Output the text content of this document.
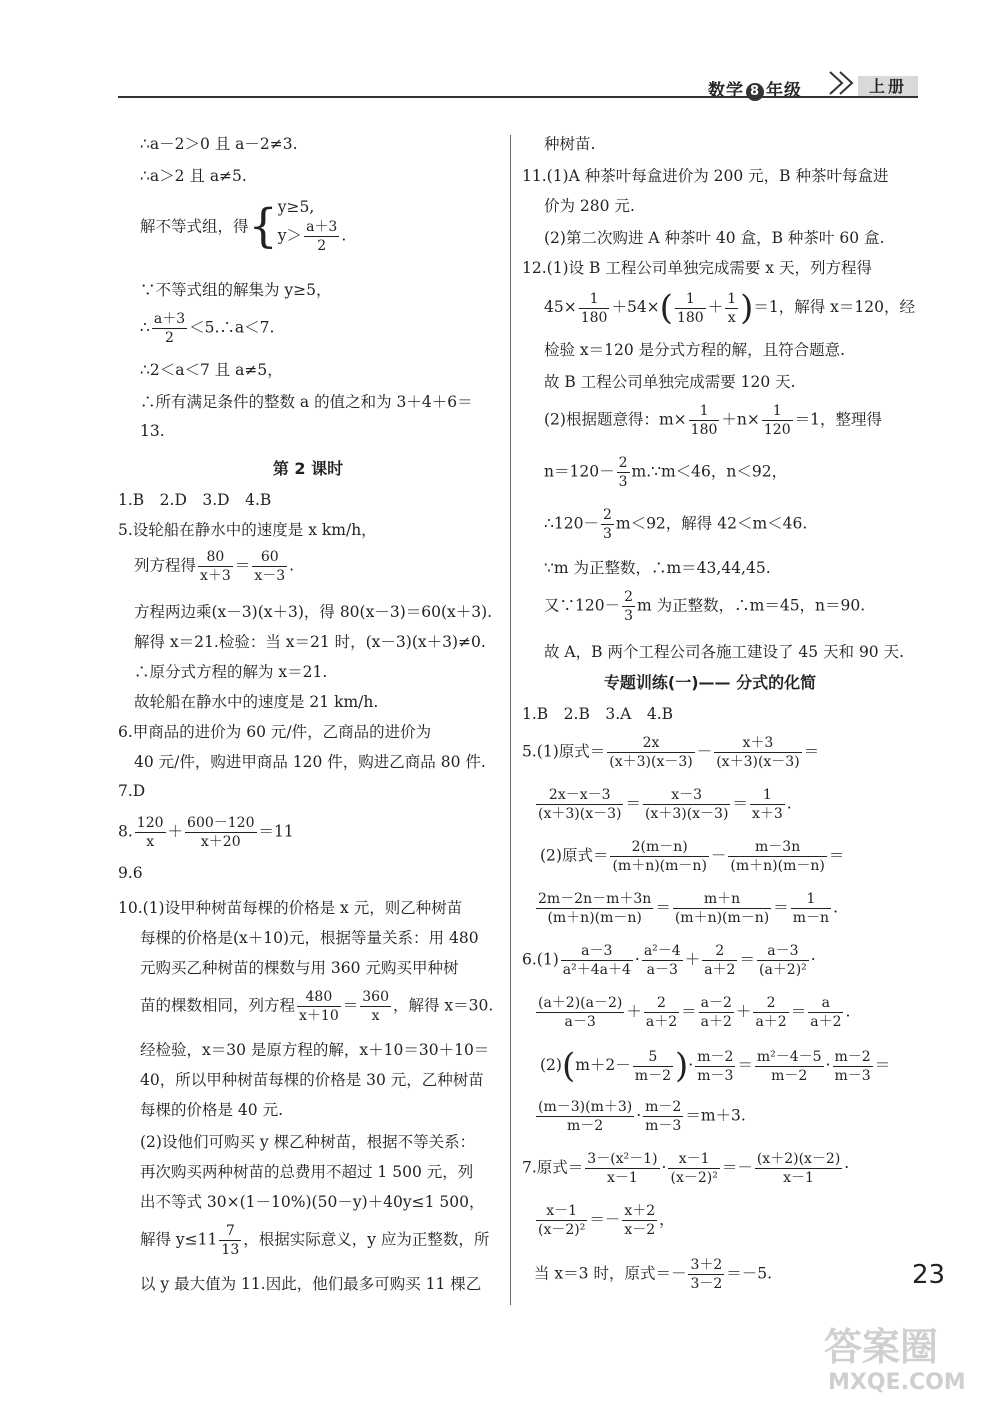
数学 8 年级	上册
∴a－2＞0 且 a－2≠3.
∴a＞2 且 a≠5.
解不等式组，得{ y≥5,
$y> \frac{a+3}{2}$ .
∵不等式组的解集为 y≥5，
∴ $\frac{a+3}{2}$ ＜5.∴a＜7.
∴2＜a＜7 且 a≠5，
∴所有满足条件的整数 a 的值之和为 3＋4＋6＝
13.
第 2 课时
1.B　2.D　3.D　4.B
5.设轮船在静水中的速度是 x km/h，
列方程得 $\frac{80}{x+3} = \frac{60}{x-3}$ .
方程两边乘(x－3)(x＋3)，得 80(x－3)＝60(x＋3).
解得 x＝21.检验：当 x＝21 时，(x－3)(x＋3)≠0.
∴原分式方程的解为 x＝21.
故轮船在静水中的速度是 21 km/h.
6.甲商品的进价为 60 元/件，乙商品的进价为
40 元/件，购进甲商品 120 件，购进乙商品 80 件.
7.D
8. $\frac{120}{x} + \frac{600-120}{x+20} =11$
9.6
10.(1)设甲种树苗每棵的价格是 x 元，则乙种树苗
每棵的价格是(x＋10)元，根据等量关系：用 480
元购买乙种树苗的棵数与用 360 元购买甲种树
苗的棵数相同，列方程 $\frac{480}{x+10} = \frac{360}{x}$ ，解得 x＝30.
经检验，x＝30 是原方程的解，x＋10＝30＋10＝
40，所以甲种树苗每棵的价格是 30 元，乙种树苗
每棵的价格是 40 元.
(2)设他们可购买 y 棵乙种树苗，根据不等关系：
再次购买两种树苗的总费用不超过 1 500 元，列
出不等式 30×(1－10%)(50－y)＋40y≤1 500，
解得 $y\le 11 \frac{7}{13}$ ，根据实际意义，y 应为正整数，所
以 y 最大值为 11.因此，他们最多可购买 11 棵乙
种树苗.
11.(1)A 种茶叶每盒进价为 200 元，B 种茶叶每盒进
价为 280 元.
(2)第二次购进 A 种茶叶 40 盒，B 种茶叶 60 盒.
12.(1)设 B 工程公司单独完成需要 x 天，列方程得
$45\times \frac{1}{180} +54\times( \frac{1}{180} + \frac{1}{x} )=1$，解得 x＝120，经
检验 x＝120 是分式方程的解，且符合题意.
故 B 工程公司单独完成需要 120 天.
(2)根据题意得：$m\times \frac{1}{180} +n\times \frac{1}{120} =1$，整理得
$n=120- \frac{2}{3}$ m.∵m＜46，n＜92，
∴120－ $\frac{2}{3} m<92$，解得 42＜m＜46.
∵m 为正整数，∴m＝43,44,45.
又∵120－ $\frac{2}{3}$ m 为正整数，∴m＝45，n＝90.
故 A，B 两个工程公司各施工建设了 45 天和 90 天.
专题训练(一)—— 分式的化简
1.B　2.B　3.A　4.B
5.(1)原式＝ $\frac{2x}{(x+3)(x-3)} - \frac{x+3}{(x+3)(x-3)}$ ＝
$\frac{2x-x-3}{(x+3)(x-3)} = \frac{x-3}{(x+3)(x-3)} = \frac{1}{x+3}$ .
(2)原式＝ $\frac{2(m-n)}{(m+n)(m-n)} - \frac{m-3n}{(m+n)(m-n)}$ ＝
$\frac{2m-2n-m+3n}{(m+n)(m-n)} = \frac{m+n}{(m+n)(m-n)} = \frac{1}{m-n}$ .
$6.(1) \frac{a-3}{\text{a²＋4a＋4}} \cdot \frac{\text{a²－4}}{a-3} + \frac{2}{a+2} = \frac{a-3}{\text{(a＋2)²}}$ ·
$\frac{(a+2)(a-2)}{a-3} + \frac{2}{a+2} = \frac{a-2}{a+2} + \frac{2}{a+2} = \frac{a}{a+2}$ .
$(2)(m+2- \frac{5}{m-2}$ )· $\frac{m-2}{m-3} = \frac{\text{m²－4－5}}{m-2} \cdot \frac{m-2}{m-3}$ ＝
$\frac{(m-3)(m+3)}{m-2} \cdot \frac{m-2}{m-3} =m+3$.
7.原式＝ $\frac{\text{3－(x²－1)}}{x-1} \cdot \frac{x-1}{\text{(x－2)²}} =- \frac{(x+2)(x-2)}{x-1}$ ·
$\frac{x-1}{\text{(x－2)²}} =- \frac{x+2}{x-2}$ ，
当 x＝3 时，原式＝－ $\frac{3+2}{3-2} =-5$.	23
答案圈
MXQE.COM
